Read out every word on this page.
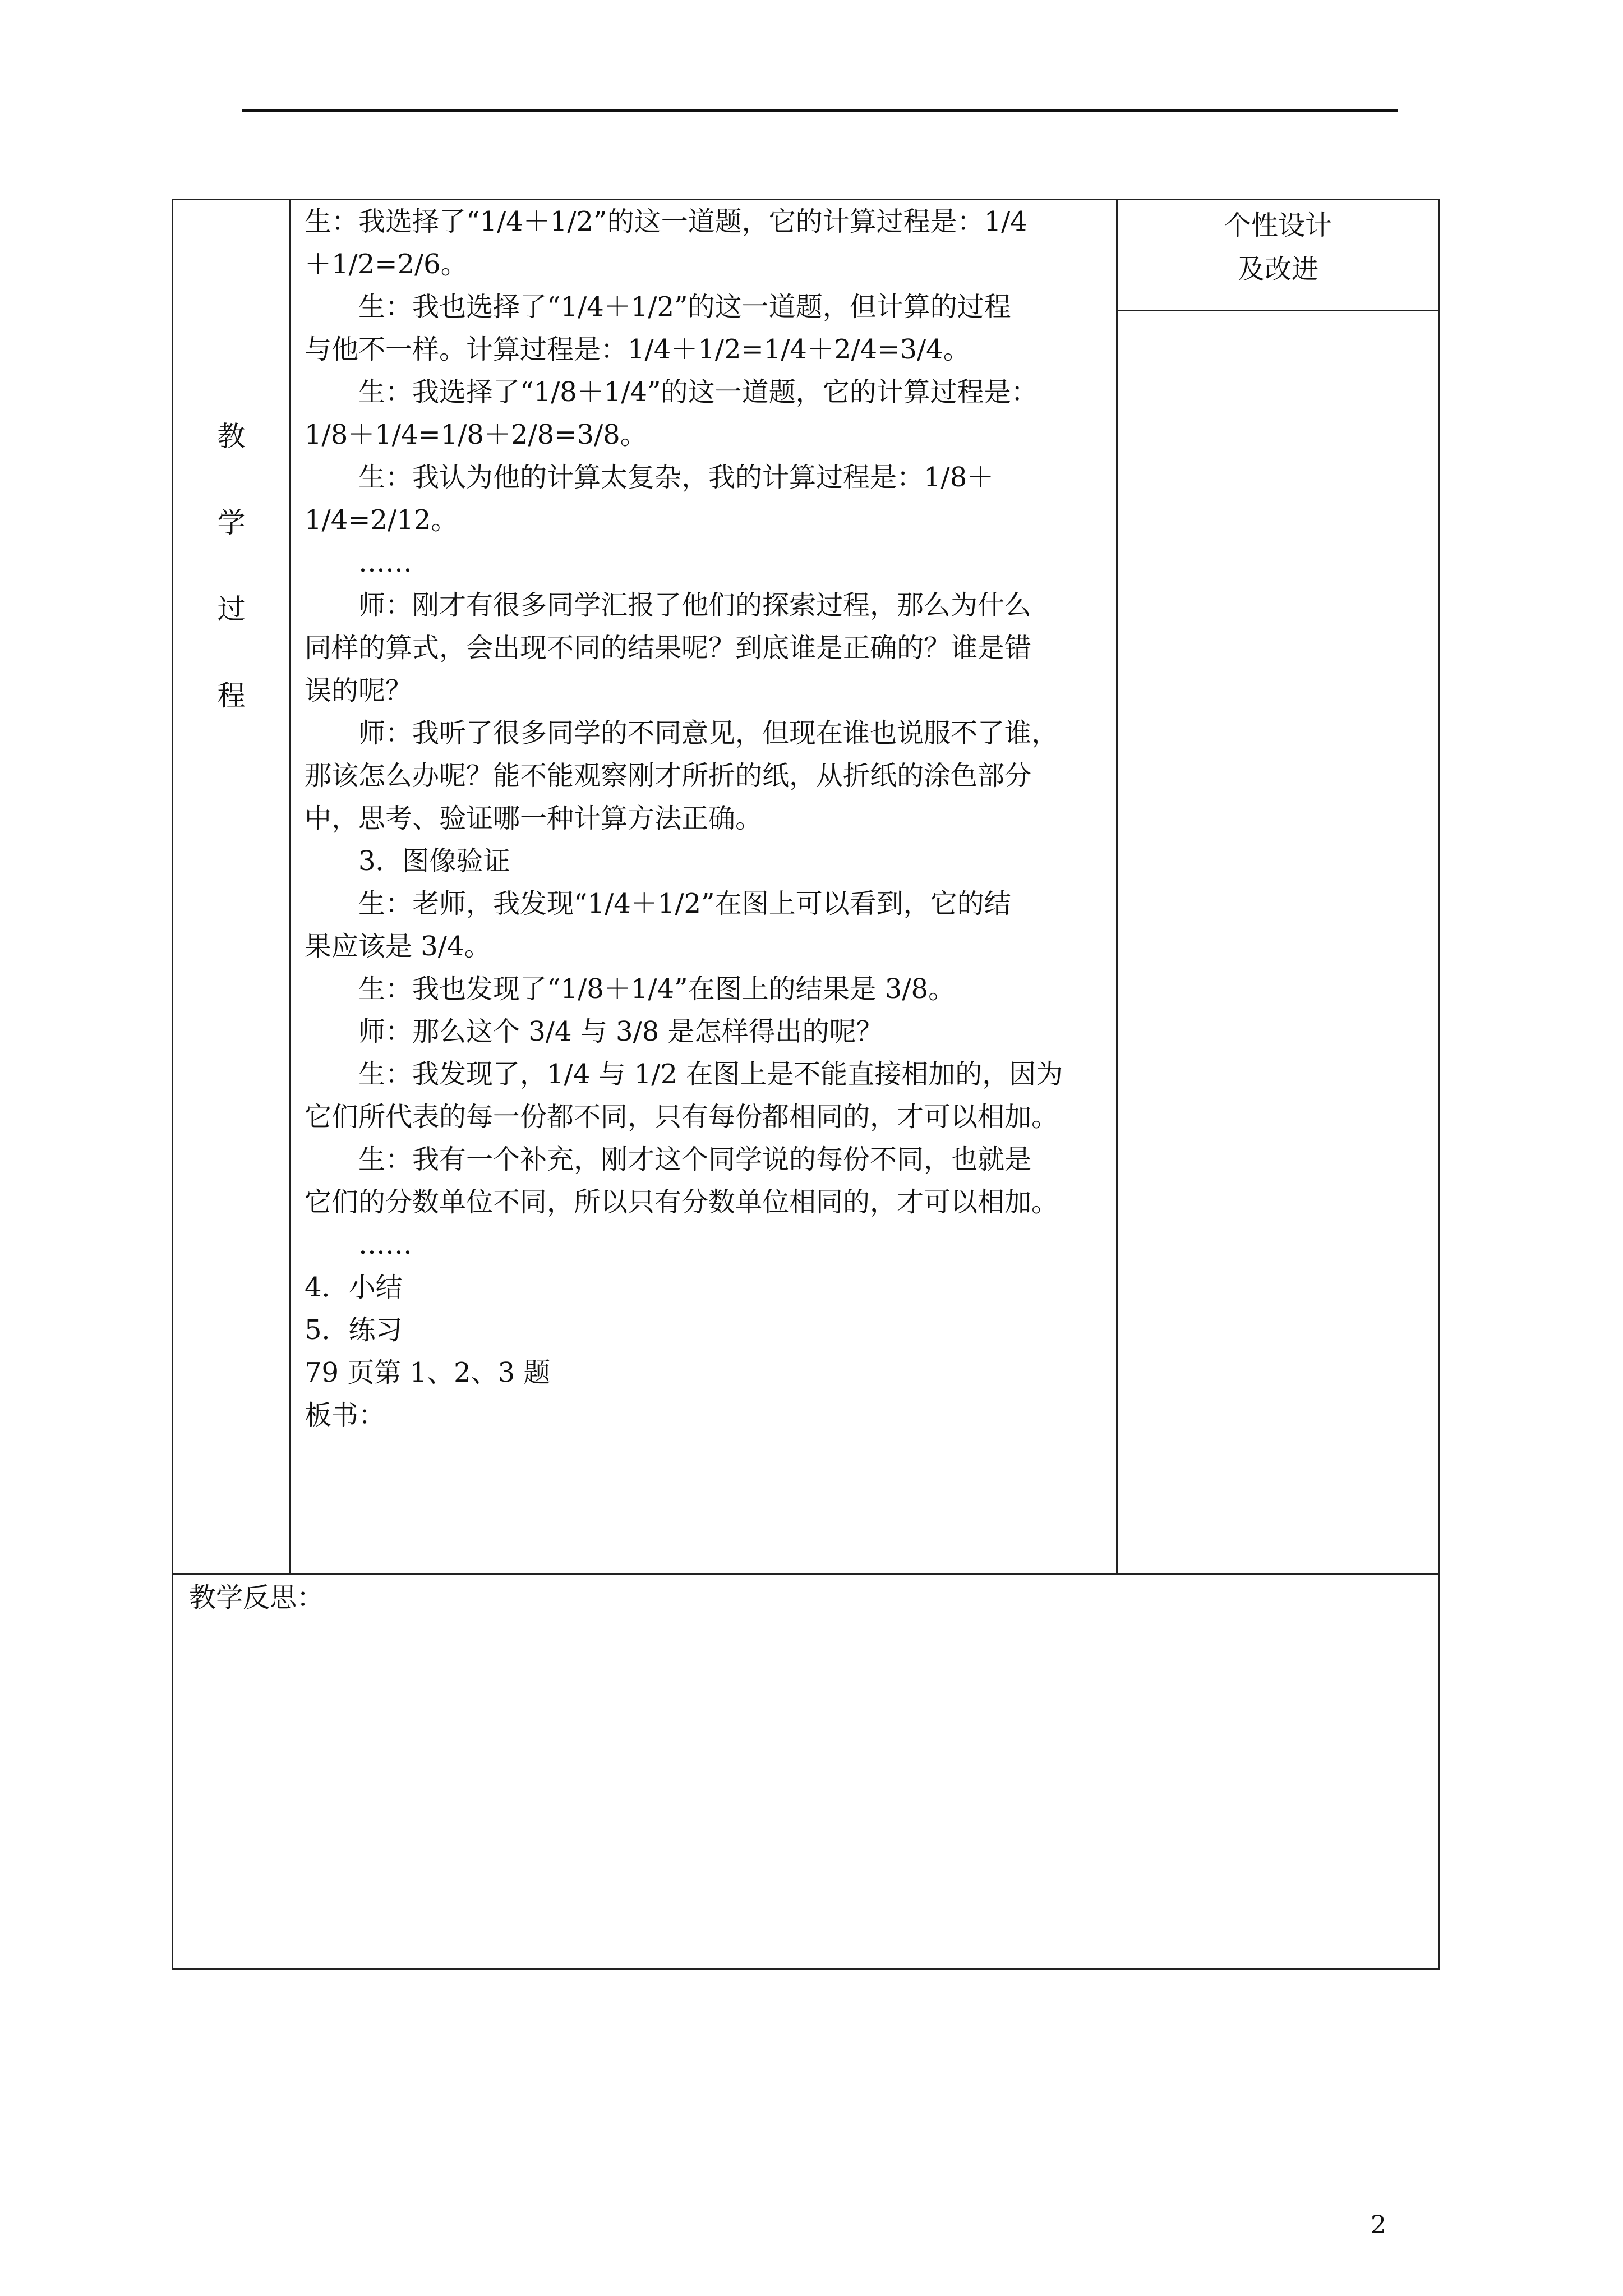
教
学
过
程

生：我选择了“1/4＋1/2”的这一道题，它的计算过程是：1/4

＋1/2=2/6。

生：我也选择了“1/4＋1/2”的这一道题，但计算的过程

与他不一样。计算过程是：1/4＋1/2=1/4＋2/4=3/4。

生：我选择了“1/8＋1/4”的这一道题，它的计算过程是：

1/8＋1/4=1/8＋2/8=3/8。

生：我认为他的计算太复杂，我的计算过程是：1/8＋

1/4=2/12。

……

师：刚才有很多同学汇报了他们的探索过程，那么为什么

同样的算式，会出现不同的结果呢？到底谁是正确的？谁是错

误的呢？

师：我听了很多同学的不同意见，但现在谁也说服不了谁，

那该怎么办呢？能不能观察刚才所折的纸，从折纸的涂色部分

中，思考、验证哪一种计算方法正确。

3．图像验证

生：老师，我发现“1/4＋1/2”在图上可以看到，它的结

果应该是 3/4。

生：我也发现了“1/8＋1/4”在图上的结果是 3/8。

师：那么这个 3/4 与 3/8 是怎样得出的呢？

生：我发现了，1/4 与 1/2 在图上是不能直接相加的，因为

它们所代表的每一份都不同，只有每份都相同的，才可以相加。

生：我有一个补充，刚才这个同学说的每份不同，也就是

它们的分数单位不同，所以只有分数单位相同的，才可以相加。

……

4．小结

5．练习

79 页第 1、2、3 题

板书：

个性设计
及改进
教学反思：
2
